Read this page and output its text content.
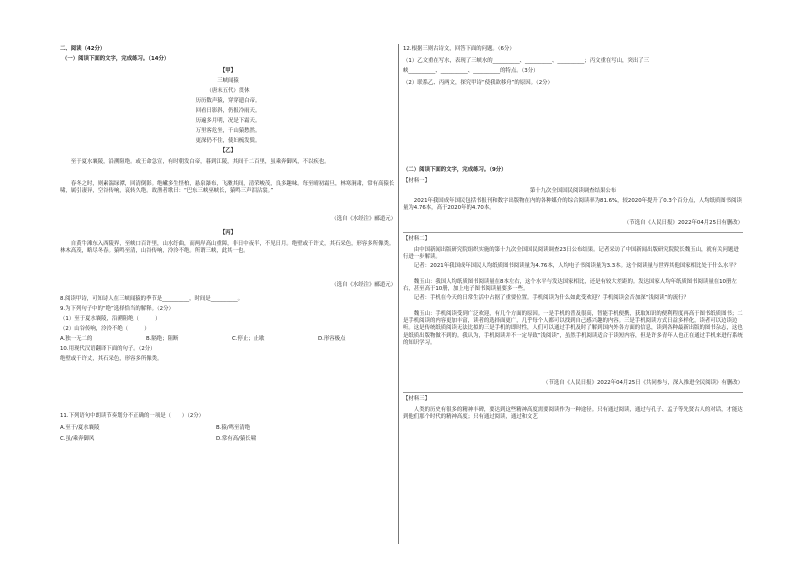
二、阅读（42分）
（一）阅读下面的文字，完成练习。（14分）
【甲】
三峡闻猿
（唐末五代）贯休
历历数声猿，穿穿遗白帝。
回看日影斜，仍报冷雨天。
历遍多月明，况是下霜天。
万里客危坐，千山猿愁然。
更深仍不住，使妇梳发鬓。
【乙】
至于夏水襄陵，沿溯阻绝。或王命急宣，有时朝发白帝，暮到江陵，其间千二百里，虽乘奔御风，不以疾也。
春冬之时，则素湍绿潭，回清倒影。绝𪩘多生怪柏，悬泉瀑布，飞漱其间，清荣峻茂，良多趣味。每至晴初霜旦，林寒涧肃，常有高猿长啸，属引凄异，空谷传响，哀转久绝。故渔者歌曰：“巴东三峡巫峡长，猿鸣三声泪沾裳。”
（选自《水经注》郦道元）
【丙】
自黄牛滩东入西陵界，至峡口百许里，山水纡曲，而两岸高山重障，非日中夜半，不见日月。绝壁或千许丈，其石采色，形容多所像类。林木高茂，略尽冬春。猿鸣至清，山谷传响，泠泠不绝。所谓三峡，此其一也。
（选自《水经注》郦道元）
8.阅读甲诗，可知诗人在三峡闻猿的季节是__________，时间是__________。
9.为下列句子中的“绝”选择恰当的解释。（2分）
（1）至于夏水襄陵，沿溯阻绝（　　　）
（2）山谷传响，泠泠不绝（　　　）
A.独一无二的	B.隔绝；阻断	C.停止；止歇	D.形容极点
10.用现代汉语翻译下面的句子。（2分）
绝壁或千许丈，其石采色，形容多所像类。
11.下列语句中朗读节奏划分不正确的一项是（　　）（2分）
A.至于/夏水襄陵	B.猿/鸣至清绝
C.虽/乘奔御风	D.常有高/猿长啸
12.根据三则古诗文，回答下面的问题。（6分）
（1）乙文重在写水，表现了三峡水的__________、__________、__________；丙文重在写山，突出了三
峡__________、__________、__________的特点。（3分）
（2）联系乙、丙两文，探究甲诗“使我欲移舟”的原因。（2分）
（二）阅读下面的文字，完成练习。（9分）
【材料一】
第十九次全国国民阅读调查结果公布
2021年我国成年国民包括书报刊和数字出版物在内的各种媒介的综合阅读率为81.6%，较2020年提升了0.3个百分点，人均纸质图书阅读量为4.76本，高于2020年的4.70本。
（节选自《人民日报》2022年04月25日有删改）
【材料二】
由中国新闻出版研究院组织实施的第十九次全国国民阅读调查23日公布结果。记者采访了中国新闻出版研究院院长魏玉山，就有关问题进行进一步解读。
记者：2021年我国成年国民人均纸质图书阅读量为4.76本，人均电子书阅读量为3.3本。这个阅读量与世界其他国家相比处于什么水平？
魏玉山：我国人均纸质图书阅读量在8本左右，这个水平与发达国家相比，还是有较大差距的。发达国家人均年纸质图书阅读量在10册左右，甚至高于10册，加上电子图书阅读量要多一些。
记者：手机在今天的日常生活中占据了重要位置。手机阅读为什么如此受欢迎？手机阅读会否加深“浅阅读”的流行？
魏玉山：手机阅读受到广泛欢迎，有几个方面的原因。一是手机的普及很高，智能手机便携，获取知识的便利程度再高于图书纸质图书；二是手机阅读的内容更加丰富，读者的选择面更广，几乎每个人都可以找到自己感兴趣的内容。三是手机阅读方式日益多样化，读者可以边读边听。这是传统纸质阅读无法比拟的三是手机的即时性，人们可以通过手机及时了解到国内外各方面的信息，读到各种最新出版的图书杂志，这也是纸质出版物做不到的。我认为，手机阅读并不一定导致“浅阅读”，虽然手机阅读适合于读短内容，但是许多青年人也正在通过手机来进行系统的知识学习。
（节选自《人民日报》2022年04月25日《共同参与，深入推进全民阅读》有删改）
【材料三】
人类的历史有很多的精神丰碑，要达到这些精神高度需要阅读作为一种途径。只有通过阅读，通过与孔子、孟子等先贤古人的对话，才能达到他们那个时代的精神高度；只有通过阅读，通过和文艺
